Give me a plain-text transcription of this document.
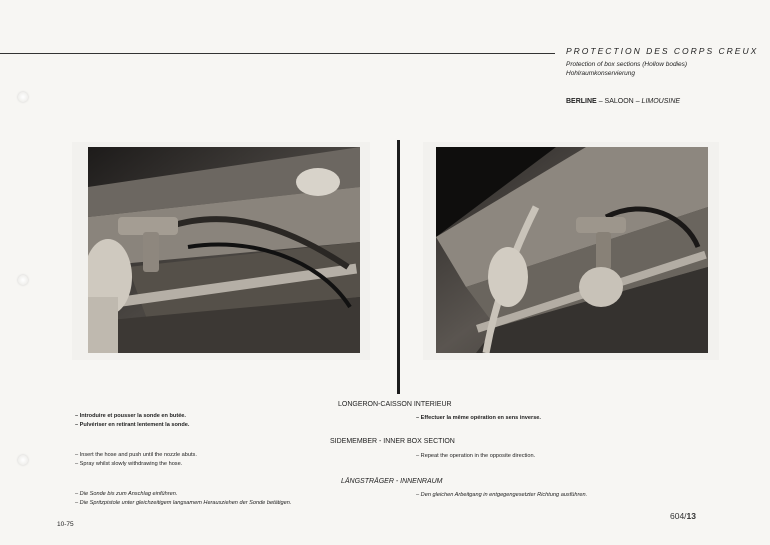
PROTECTION DES CORPS CREUX
Protection of box sections (Hollow bodies)
Hohlraumkonservierung
BERLINE – SALOON – LIMOUSINE
LONGERON-CAISSON INTERIEUR
– Introduire et pousser la sonde en butée.
– Pulvériser en retirant lentement la sonde.
– Effectuer la même opération en sens inverse.
SIDEMEMBER - INNER BOX SECTION
– Insert the hose and push until the nozzle abuts.
– Spray whilst slowly withdrawing the hose.
– Repeat the operation in the opposite direction.
LÄNGSTRÄGER - INNENRAUM
– Die Sonde bis zum Anschlag einführen.
– Die Spritzpistole unter gleichzeitigem langsamem Herausziehen der Sonde betätigen.
– Den gleichen Arbeitgang in entgegengesetzter Richtung ausführen.
10-75
604/13
